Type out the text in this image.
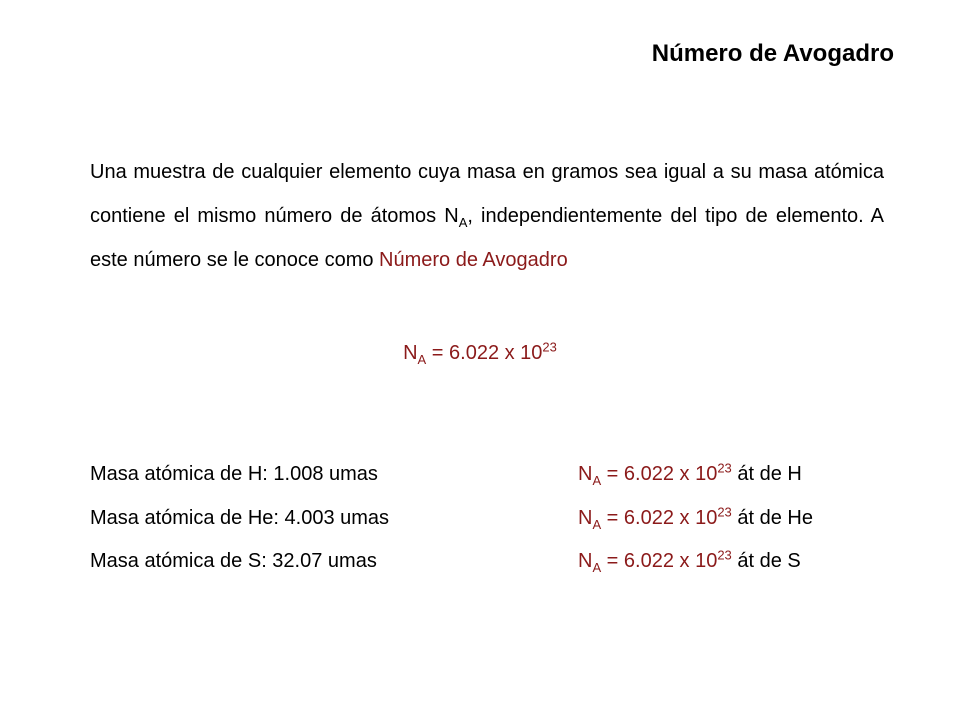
Número de Avogadro

Una muestra de cualquier elemento cuya masa en gramos sea igual a su masa atómica contiene el mismo número de átomos $N_A$, independientemente del tipo de elemento. A este número se le conoce como Número de Avogadro

$N_A = 6.022$ x $10^{23}$
Masa atómica de H: 1.008 umas	$N_A = 6.022$ x $10^{23}$ át de H
Masa atómica de He: 4.003 umas	$N_A = 6.022$ x $10^{23}$ át de He
Masa atómica de S: 32.07 umas	$N_A = 6.022$ x $10^{23}$ át de S
